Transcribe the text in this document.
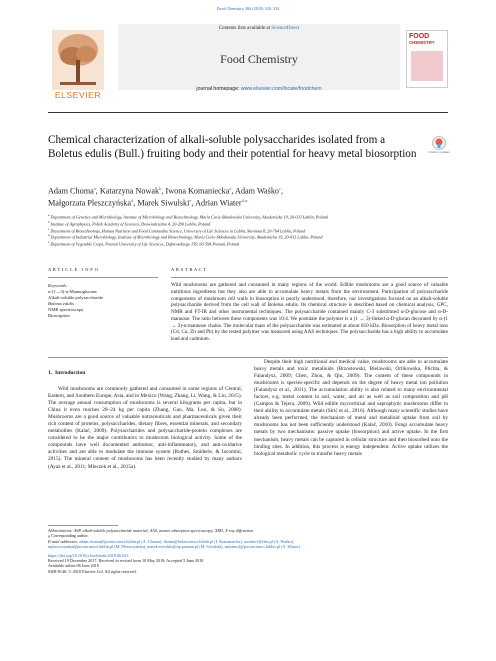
Food Chemistry 266 (2018) 329–334
ELSEVIER
Contents lists available at ScienceDirect
Food Chemistry
journal homepage: www.elsevier.com/locate/foodchem
FOOD
CHEMISTRY
Chemical characterization of alkali-soluble polysaccharides isolated from a Boletus edulis (Bull.) fruiting body and their potential for heavy metal biosorption	Check for updates
Adam Choma$^a$, Katarzyna Nowak$^b$, Iwona Komaniecka$^a$, Adam Waśko$^c$,
Małgorzata Pleszczyńska$^d$, Marek Siwulski$^e$, Adrian Wiater$^{d,⁎}$
$^a$ Department of Genetics and Microbiology, Institute of Microbiology and Biotechnology, Maria Curie-Skłodowska University, Akademicka 19, 20-033 Lublin, Poland
$^b$ Institute of Agrophysics, Polish Academy of Sciences, Doświadczalna 4, 20-290 Lublin, Poland
$^c$ Department of Biotechnology, Human Nutrition and Food Commodity Science, University of Life Sciences in Lublin, Skromna 8, 20-704 Lublin, Poland
$^d$ Department of Industrial Microbiology, Institute of Microbiology and Biotechnology, Maria Curie-Skłodowska University, Akademicka 19, 20-033 Lublin, Poland
$^e$ Department of Vegetable Crops, Poznań University of Life Sciences, Dąbrowskiego 159, 60-594 Poznań, Poland
A R T I C L E   I N F O	A B S T R A C T
Keywords:
α-(1→3)-α-Mannoglucans
Alkali-soluble polysaccharide
Boletus edulis
NMR spectroscopy
Biosorption
Wild mushrooms are gathered and consumed in many regions of the world. Edible mushrooms are a good source of valuable nutritious ingredients but they also are able to accumulate heavy metals from the environment. Participation of polysaccharide components of mushroom cell walls in biosorption is poorly understood, therefore, our investigations focused on an alkali-soluble polysaccharide derived from the cell wall of Boletus edulis. Its chemical structure is described based on chemical analysis, GPC, NMR and FT-IR and other instrumental techniques. The polysaccharide contained mainly C-3 substituted α-D-glucose and α-D-mannose. The ratio between these components was 10:4. We postulate the polymer is a (1 → 3)-linked α-D-glucan decorated by α-(1 → 3)-α-mannose chains. The molecular mass of the polysaccharide was estimated at about 850 kDa. Biosorption of heavy metal ions (Cd, Cu, Zn and Pb) by the tested polymer was measured using AAS techniques. The polysaccharide has a high ability to accumulate lead and cadmium.
1.  Introduction
Wild mushrooms are commonly gathered and consumed in some regions of Central, Eastern, and Southern Europe, Asia, and in Mexico (Wang, Zhang, Li, Wang, & Liu, 2015). The average annual consumption of mushrooms is several kilograms per capita, but in China it even reaches 20–24 kg per capita (Zhang, Gao, Ma, Luo, & Su, 2008). Mushrooms are a good source of valuable nutraceuticals and pharmaceuticals given their rich content of proteins, polysaccharides, dietary fibres, essential minerals, and secondary metabolites (Kalač, 2009). Polysaccharides and polysaccharide-protein complexes are considered to be the major contributors to mushroom biological activity. Some of the compounds have well documented antitumor, anti-inflammatory, and anti-oxidative activities and are able to modulate the immune system (Ruthes, Smiderle, & Iacomini, 2015). The mineral content of mushrooms has been recently studied by many authors (Ayaz et al., 2011; Mleczek et al., 2015a).
Despite their high nutritional and medical value, mushrooms are able to accumulate heavy metals and toxic metalloids (Brzostowski, Bielawski, Orlikowska, Plichta, & Falandysz, 2009; Chen, Zhou, & Qiu, 2009). The content of these compounds in mushrooms is species-specific and depends on the degree of heavy metal ion pollution (Falandysz et al., 2011). The accumulation ability is also related to many environmental factors, e.g. metal content in soil, water, and air as well as soil composition and pH (Campos & Tejera, 2009). Wild edible mycorrhizal and saprophytic mushrooms differ in their ability to accumulate metals (Sirić et al., 2016). Although many scientific studies have already been performed, the mechanism of metal and metalloid uptake from soil by mushrooms has not been sufficiently understood (Kalač, 2010). Fungi accumulate heavy metals by two mechanisms: passive uptake (biosorption) and active uptake. In the first mechanism, heavy metals can be captured in cellular structure and then biosorbed onto the binding sites. In addition, this process is energy independent. Active uptake utilizes the biological metabolic cycle to transfer heavy metals
Abbreviations: ASP, alkali-soluble polysaccharide material; AAS, atomic absorption spectroscopy; XRD, X-ray diffraction
⁎ Corresponding author.
E-mail addresses: adam.choma@poczta.umcs.lublin.pl (A. Choma), ikoma@hektor.umcs.lublin.pl (I. Komaniecka), awasko1@tlen.pl (A. Waśko),
mpleszczynska@poczta.umcs.lublin.pl (M. Pleszczyńska), marek.siwulski@up.poznan.pl (M. Siwulski), adrianw2@poczta.umcs.lublin.pl (A. Wiater).
https://doi.org/10.1016/j.foodchem.2018.06.023
Received 19 December 2017; Received in revised form 10 May 2018; Accepted 5 June 2018
Available online 06 June 2018
0308-8146/ © 2018 Elsevier Ltd. All rights reserved.
